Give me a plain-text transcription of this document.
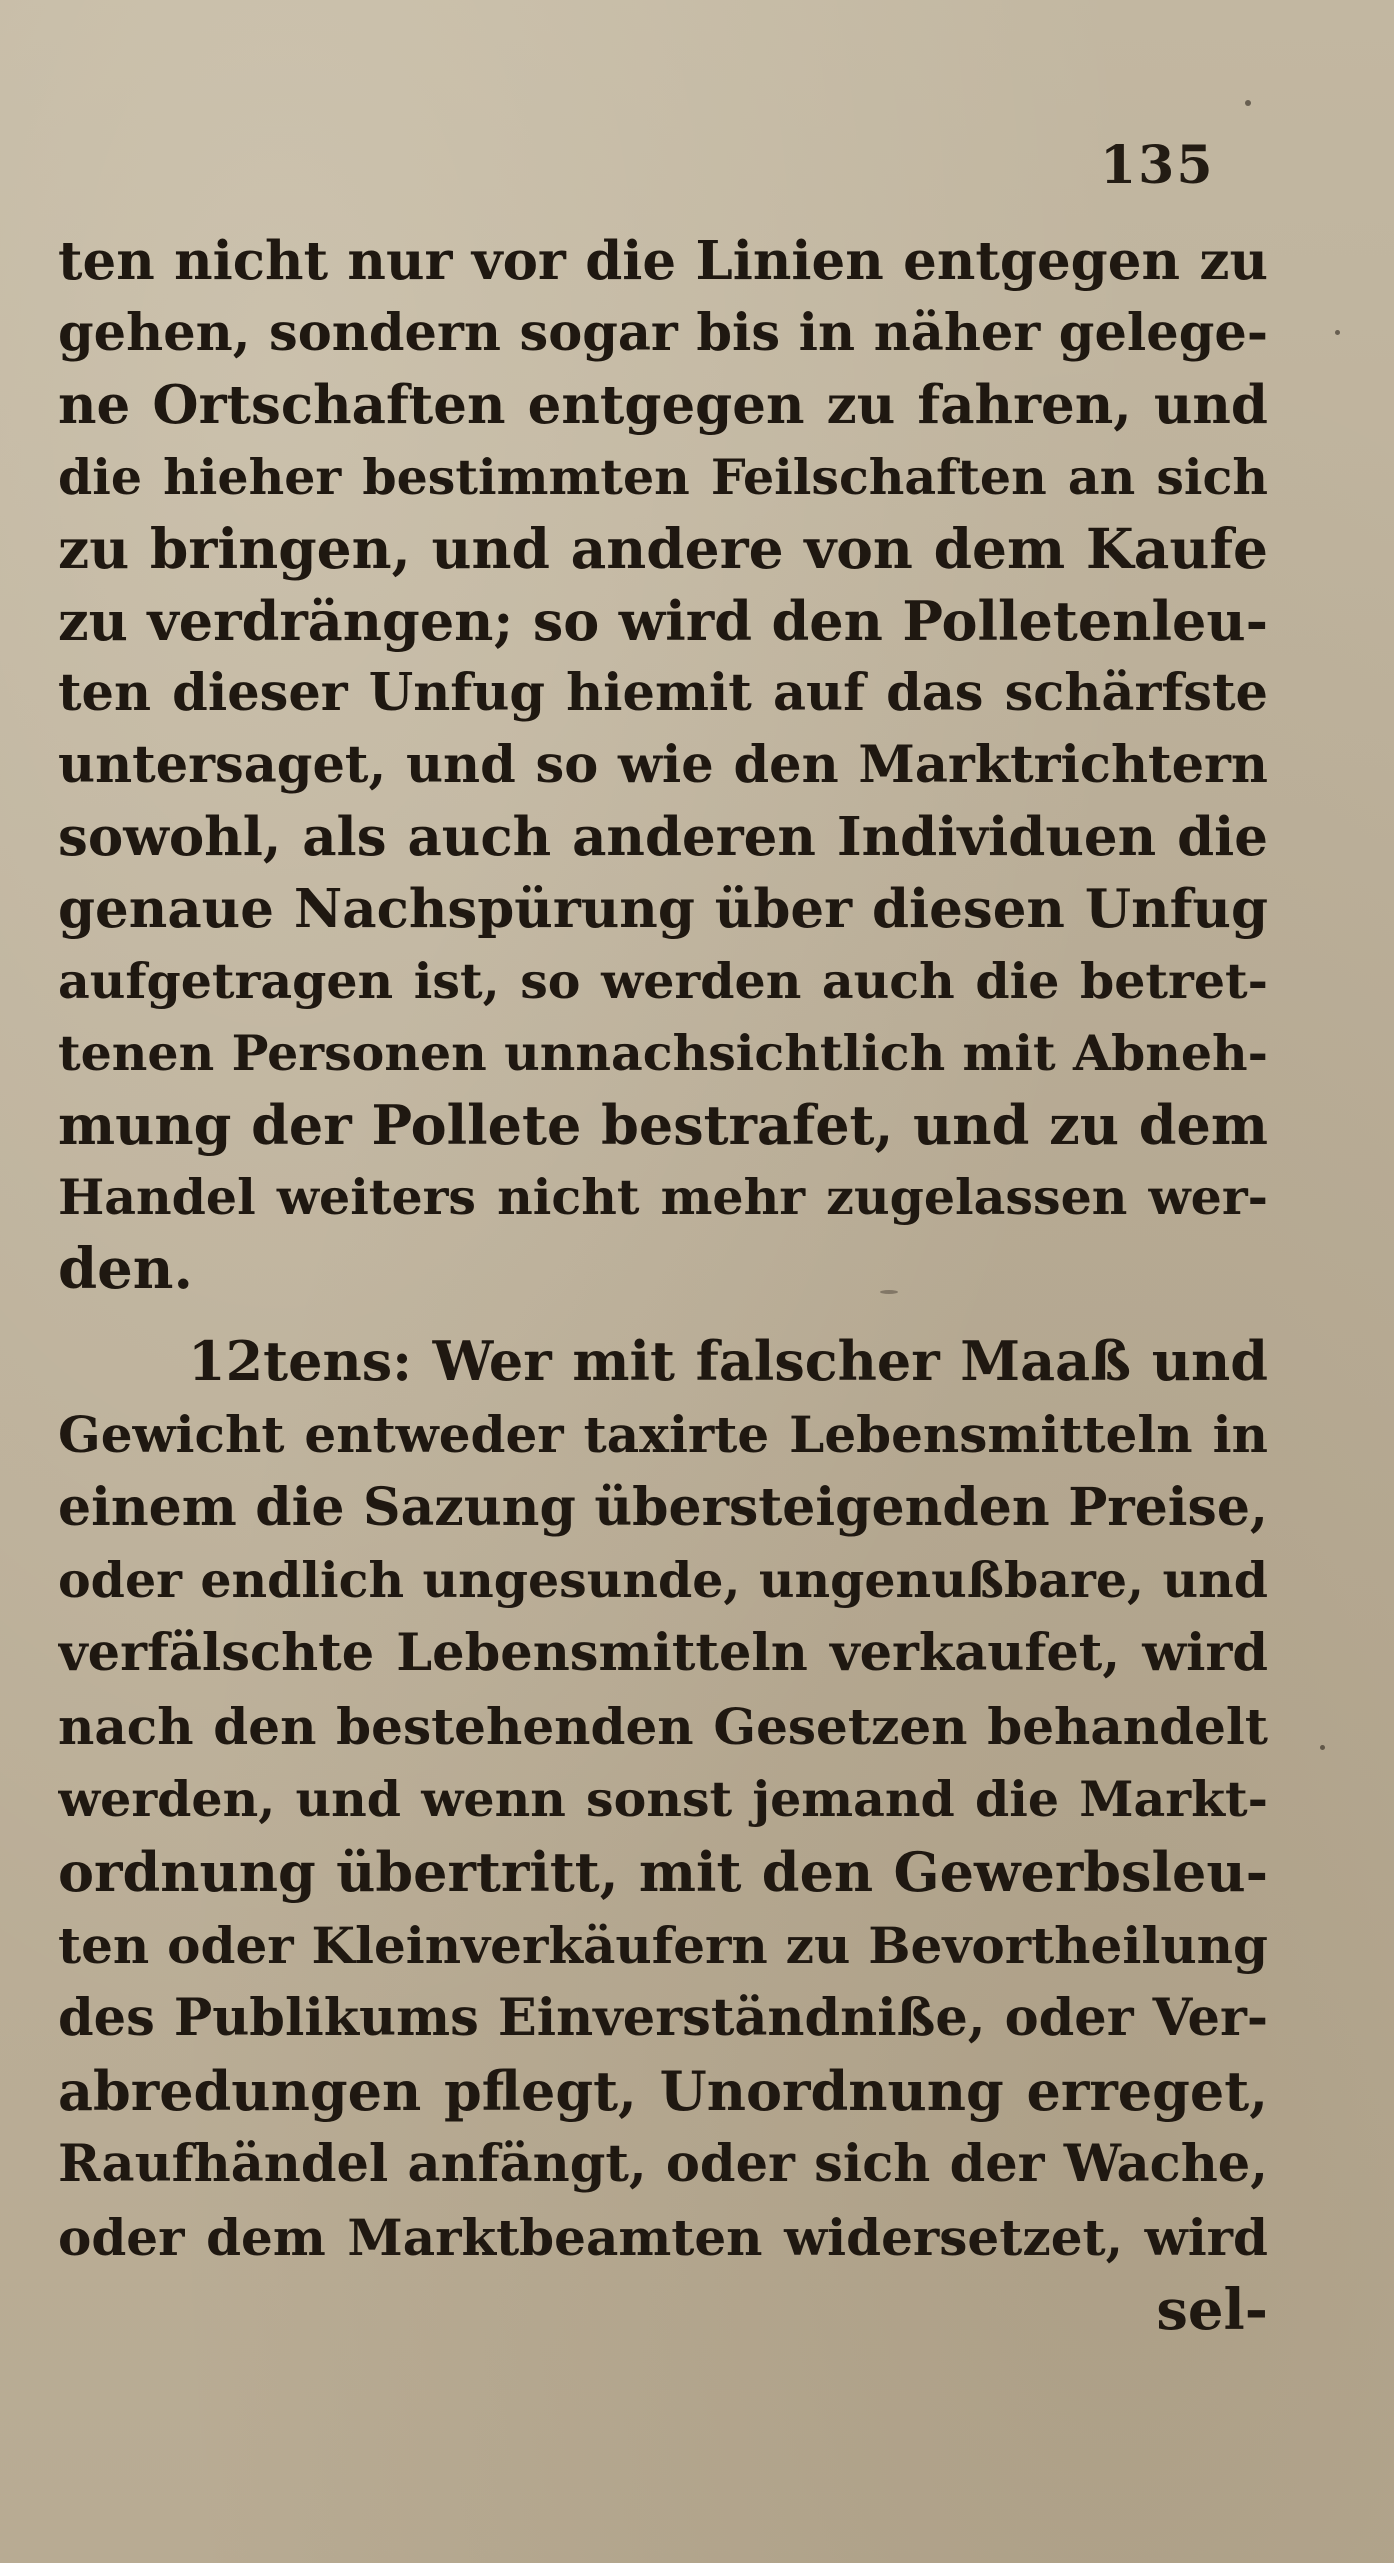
135
ten nicht nur vor die Linien entgegen zu
gehen, sondern sogar bis in näher gelege-
ne Ortschaften entgegen zu fahren, und
die hieher bestimmten Feilschaften an sich
zu bringen, und andere von dem Kaufe
zu verdrängen; so wird den Polletenleu-
ten dieser Unfug hiemit auf das schärfste
untersaget, und so wie den Marktrichtern
sowohl, als auch anderen Individuen die
genaue Nachspürung über diesen Unfug
aufgetragen ist, so werden auch die betret-
tenen Personen unnachsichtlich mit Abneh-
mung der Pollete bestrafet, und zu dem
Handel weiters nicht mehr zugelassen wer-
den.
12tens: Wer mit falscher Maaß und
Gewicht entweder taxirte Lebensmitteln in
einem die Sazung übersteigenden Preise,
oder endlich ungesunde, ungenußbare, und
verfälschte Lebensmitteln verkaufet, wird
nach den bestehenden Gesetzen behandelt
werden, und wenn sonst jemand die Markt-
ordnung übertritt, mit den Gewerbsleu-
ten oder Kleinverkäufern zu Bevortheilung
des Publikums Einverständniße, oder Ver-
abredungen pflegt, Unordnung erreget,
Raufhändel anfängt, oder sich der Wache,
oder dem Marktbeamten widersetzet, wird
sel-
